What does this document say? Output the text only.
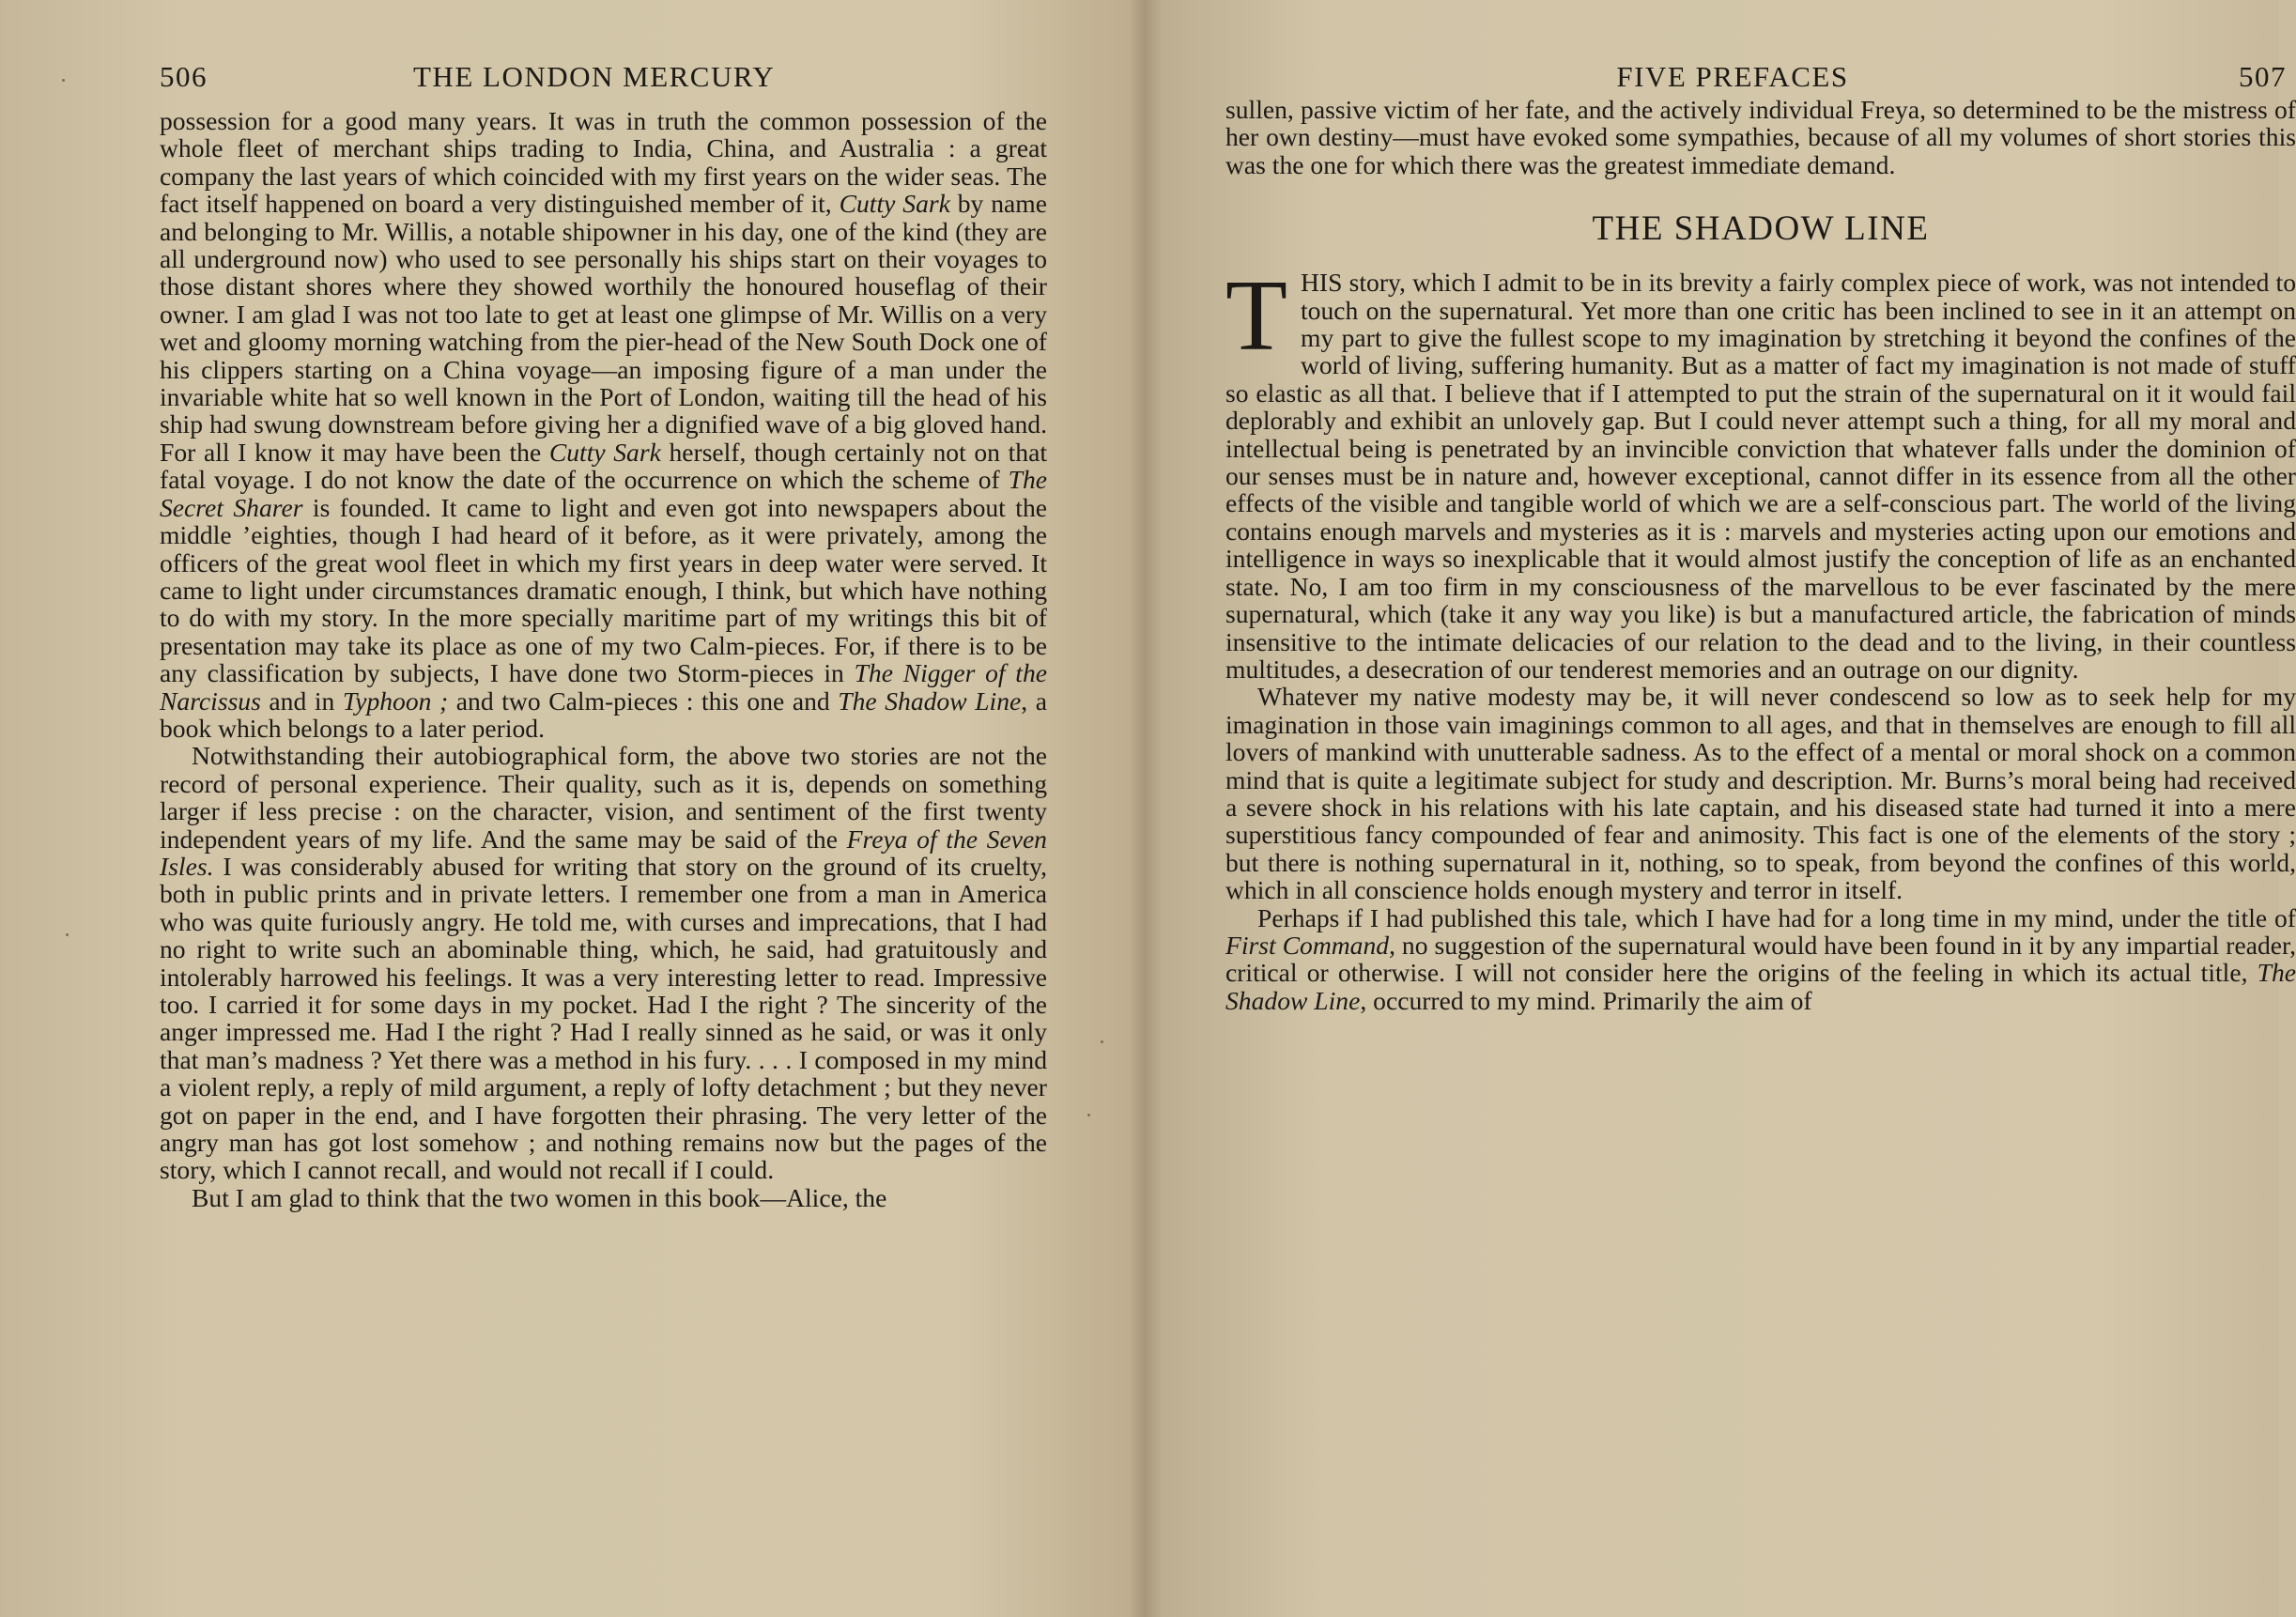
506	THE LONDON MERCURY

possession for a good many years. It was in truth the common possession of the whole fleet of merchant ships trading to India, China, and Australia : a great company the last years of which coincided with my first years on the wider seas. The fact itself happened on board a very distinguished member of it, Cutty Sark by name and belonging to Mr. Willis, a notable shipowner in his day, one of the kind (they are all underground now) who used to see personally his ships start on their voyages to those distant shores where they showed worthily the honoured houseflag of their owner. I am glad I was not too late to get at least one glimpse of Mr. Willis on a very wet and gloomy morning watching from the pier-head of the New South Dock one of his clippers starting on a China voyage—an imposing figure of a man under the invariable white hat so well known in the Port of London, waiting till the head of his ship had swung downstream before giving her a dignified wave of a big gloved hand. For all I know it may have been the Cutty Sark herself, though certainly not on that fatal voyage. I do not know the date of the occurrence on which the scheme of The Secret Sharer is founded. It came to light and even got into newspapers about the middle ’eighties, though I had heard of it before, as it were privately, among the officers of the great wool fleet in which my first years in deep water were served. It came to light under circumstances dramatic enough, I think, but which have nothing to do with my story. In the more specially maritime part of my writings this bit of presentation may take its place as one of my two Calm-pieces. For, if there is to be any classification by subjects, I have done two Storm-pieces in The Nigger of the Narcissus and in Typhoon ; and two Calm-pieces : this one and The Shadow Line, a book which belongs to a later period.

Notwithstanding their autobiographical form, the above two stories are not the record of personal experience. Their quality, such as it is, depends on something larger if less precise : on the character, vision, and sentiment of the first twenty independent years of my life. And the same may be said of the Freya of the Seven Isles. I was considerably abused for writing that story on the ground of its cruelty, both in public prints and in private letters. I remember one from a man in America who was quite furiously angry. He told me, with curses and imprecations, that I had no right to write such an abominable thing, which, he said, had gratuitously and intolerably harrowed his feelings. It was a very interesting letter to read. Impressive too. I carried it for some days in my pocket. Had I the right ? The sincerity of the anger impressed me. Had I the right ? Had I really sinned as he said, or was it only that man’s madness ? Yet there was a method in his fury. . . . I composed in my mind a violent reply, a reply of mild argument, a reply of lofty detachment ; but they never got on paper in the end, and I have forgotten their phrasing. The very letter of the angry man has got lost somehow ; and nothing remains now but the pages of the story, which I cannot recall, and would not recall if I could.

But I am glad to think that the two women in this book—Alice, the

FIVE PREFACES	507

sullen, passive victim of her fate, and the actively individual Freya, so determined to be the mistress of her own destiny—must have evoked some sympathies, because of all my volumes of short stories this was the one for which there was the greatest immediate demand.

THE SHADOW LINE

THIS story, which I admit to be in its brevity a fairly complex piece of work, was not intended to touch on the supernatural. Yet more than one critic has been inclined to see in it an attempt on my part to give the fullest scope to my imagination by stretching it beyond the confines of the world of living, suffering humanity. But as a matter of fact my imagination is not made of stuff so elastic as all that. I believe that if I attempted to put the strain of the supernatural on it it would fail deplorably and exhibit an unlovely gap. But I could never attempt such a thing, for all my moral and intellectual being is penetrated by an invincible conviction that whatever falls under the dominion of our senses must be in nature and, however exceptional, cannot differ in its essence from all the other effects of the visible and tangible world of which we are a self-conscious part. The world of the living contains enough marvels and mysteries as it is : marvels and mysteries acting upon our emotions and intelligence in ways so inexplicable that it would almost justify the conception of life as an enchanted state. No, I am too firm in my consciousness of the marvellous to be ever fascinated by the mere supernatural, which (take it any way you like) is but a manufactured article, the fabrication of minds insensitive to the intimate delicacies of our relation to the dead and to the living, in their countless multitudes, a desecration of our tenderest memories and an outrage on our dignity.

Whatever my native modesty may be, it will never condescend so low as to seek help for my imagination in those vain imaginings common to all ages, and that in themselves are enough to fill all lovers of mankind with unutterable sadness. As to the effect of a mental or moral shock on a common mind that is quite a legitimate subject for study and description. Mr. Burns’s moral being had received a severe shock in his relations with his late captain, and his diseased state had turned it into a mere superstitious fancy compounded of fear and animosity. This fact is one of the elements of the story ; but there is nothing supernatural in it, nothing, so to speak, from beyond the confines of this world, which in all conscience holds enough mystery and terror in itself.

Perhaps if I had published this tale, which I have had for a long time in my mind, under the title of First Command, no suggestion of the supernatural would have been found in it by any impartial reader, critical or otherwise. I will not consider here the origins of the feeling in which its actual title, The Shadow Line, occurred to my mind. Primarily the aim of
